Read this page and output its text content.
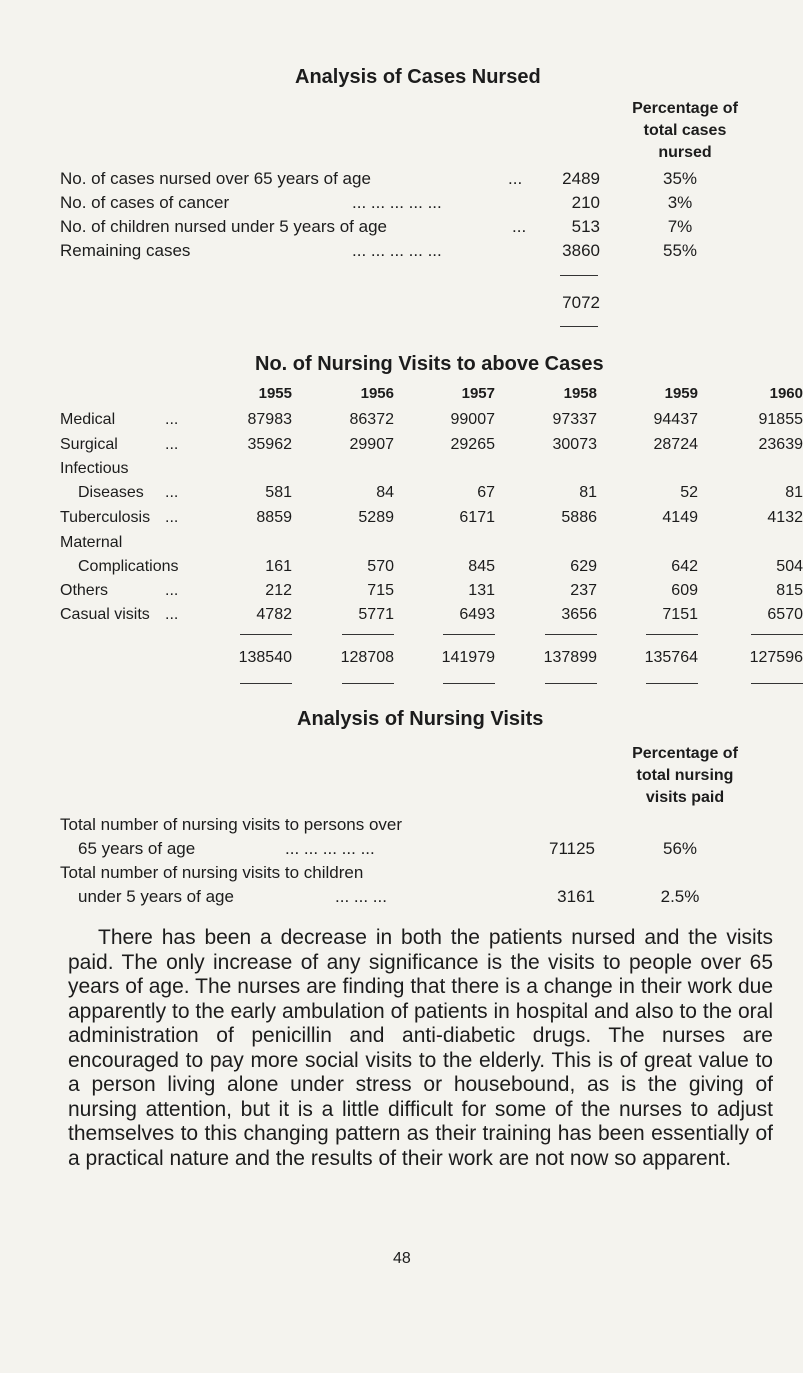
Analysis of Cases Nursed
Percentage of
total cases
nursed
No. of cases nursed over 65 years of age	...	2489	35%
No. of cases of cancer	... ... ... ... ...	210	3%
No. of children nursed under 5 years of age	...	513	7%
Remaining cases	... ... ... ... ...	3860	55%
7072
No. of Nursing Visits to above Cases
1955	1956	1957	1958	1959	1960
Medical	...	87983	86372	99007	97337	94437	91855
Surgical	...	35962	29907	29265	30073	28724	23639
Infectious
Diseases ...	581	84	67	81	52	81
Tuberculosis ...	8859	5289	6171	5886	4149	4132
Maternal
Complications	161	570	845	629	642	504
Others	...	212	715	131	237	609	815
Casual visits ...	4782	5771	6493	3656	7151	6570
138540	128708	141979	137899	135764	127596
Analysis of Nursing Visits
Percentage of
total nursing
visits paid
Total number of nursing visits to persons over
65 years of age	... ... ... ... ...	71125	56%
Total number of nursing visits to children
under 5 years of age	... ... ...	3161	2.5%
There has been a decrease in both the patients nursed and the visits paid. The only increase of any significance is the visits to people over 65 years of age. The nurses are finding that there is a change in their work due apparently to the early ambulation of patients in hospital and also to the oral administration of penicillin and anti-diabetic drugs. The nurses are encouraged to pay more social visits to the elderly. This is of great value to a person living alone under stress or housebound, as is the giving of nursing attention, but it is a little difficult for some of the nurses to adjust themselves to this changing pattern as their training has been essentially of a practical nature and the results of their work are not now so apparent.
48
